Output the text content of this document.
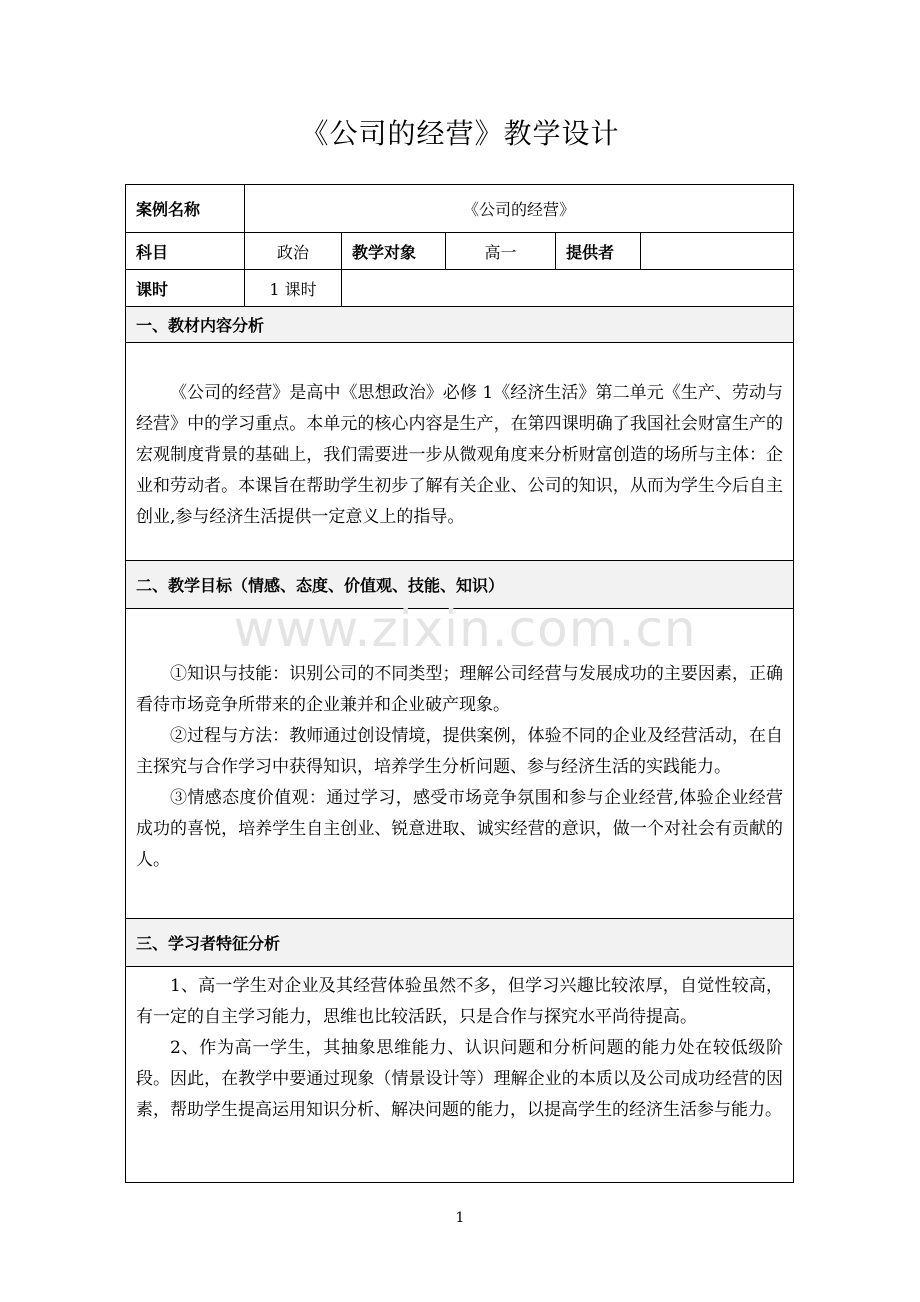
《公司的经营》教学设计
www.zixin.com.cn
案例名称	《公司的经营》				
科目	政治	教学对象	高一	提供者	
课时	1 课时				
一、教材内容分析					

《公司的经营》是高中《思想政治》必修 1《经济生活》第二单元《生产、劳动与经营》中的学习重点。本单元的核心内容是生产，在第四课明确了我国社会财富生产的宏观制度背景的基础上，我们需要进一步从微观角度来分析财富创造的场所与主体：企业和劳动者。本课旨在帮助学生初步了解有关企业、公司的知识，从而为学生今后自主创业,参与经济生活提供一定意义上的指导。					

二、教学目标（情感、态度、价值观、技能、知识）					

①知识与技能：识别公司的不同类型；理解公司经营与发展成功的主要因素，正确看待市场竞争所带来的企业兼并和企业破产现象。

②过程与方法：教师通过创设情境，提供案例，体验不同的企业及经营活动，在自主探究与合作学习中获得知识，培养学生分析问题、参与经济生活的实践能力。

③情感态度价值观：通过学习，感受市场竞争氛围和参与企业经营,体验企业经营成功的喜悦，培养学生自主创业、锐意进取、诚实经营的意识，做一个对社会有贡献的人。					

三、学习者特征分析					

1、高一学生对企业及其经营体验虽然不多，但学习兴趣比较浓厚，自觉性较高，有一定的自主学习能力，思维也比较活跃，只是合作与探究水平尚待提高。

2、作为高一学生，其抽象思维能力、认识问题和分析问题的能力处在较低级阶段。因此，在教学中要通过现象（情景设计等）理解企业的本质以及公司成功经营的因素，帮助学生提高运用知识分析、解决问题的能力，以提高学生的经济生活参与能力。					

1
